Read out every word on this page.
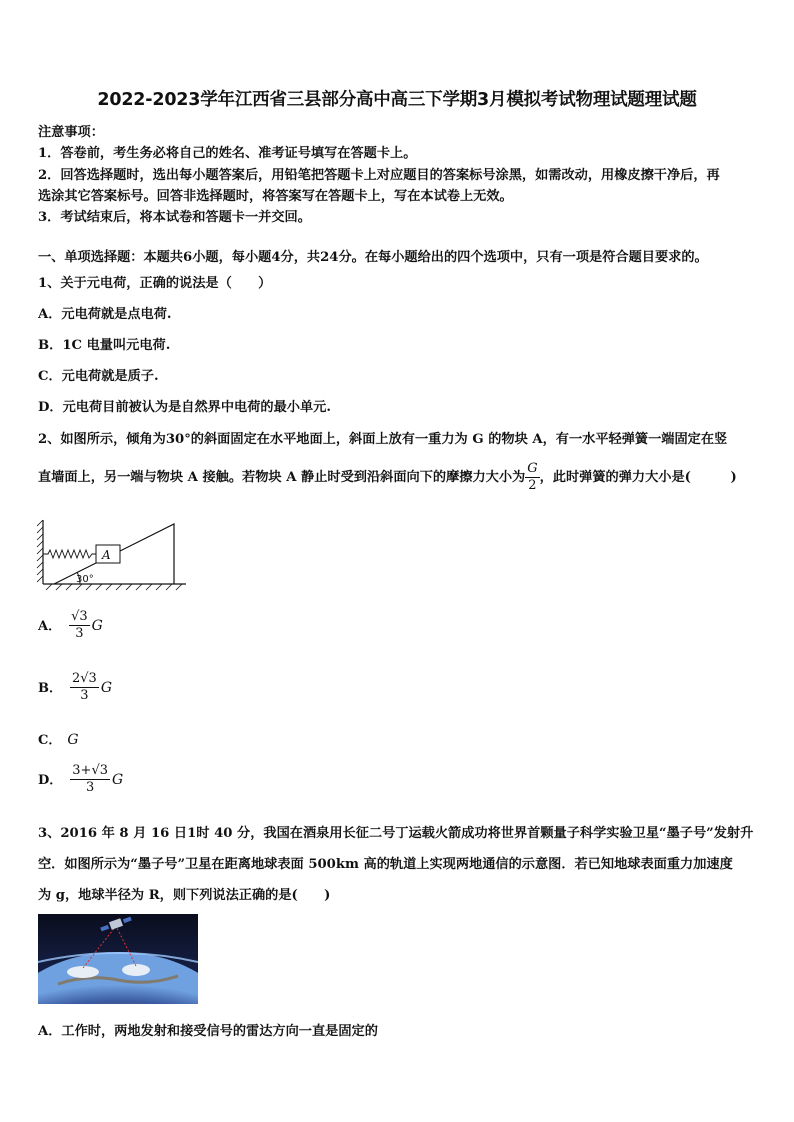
2022-2023学年江西省三县部分高中高三下学期3月模拟考试物理试题理试题
注意事项：
1．答卷前，考生务必将自己的姓名、准考证号填写在答题卡上。
2．回答选择题时，选出每小题答案后，用铅笔把答题卡上对应题目的答案标号涂黑，如需改动，用橡皮擦干净后，再
选涂其它答案标号。回答非选择题时，将答案写在答题卡上，写在本试卷上无效。
3．考试结束后，将本试卷和答题卡一并交回。
一、单项选择题：本题共6小题，每小题4分，共24分。在每小题给出的四个选项中，只有一项是符合题目要求的。
1、关于元电荷，正确的说法是（　　）
A．元电荷就是点电荷.
B．1C 电量叫元电荷.
C．元电荷就是质子.
D．元电荷目前被认为是自然界中电荷的最小单元.
2、如图所示，倾角为30°的斜面固定在水平地面上，斜面上放有一重力为 G 的物块 A，有一水平轻弹簧一端固定在竖
直墙面上，另一端与物块 A 接触。若物块 A 静止时受到沿斜面向下的摩擦力大小为 $\frac{G}{2}$ ，此时弹簧的弹力大小是(　　　)
A
30°
A． $\frac{√3}{3}$ G
B． $\frac{2√3}{3}$ G
C． G
D． $\frac{3+√3}{3}$ G
3、2016 年 8 月 16 日1时 40 分，我国在酒泉用长征二号丁运载火箭成功将世界首颗量子科学实验卫星“墨子号”发射升
空．如图所示为“墨子号”卫星在距离地球表面 500km 高的轨道上实现两地通信的示意图．若已知地球表面重力加速度
为 g，地球半径为 R，则下列说法正确的是(　　)
A．工作时，两地发射和接受信号的雷达方向一直是固定的
